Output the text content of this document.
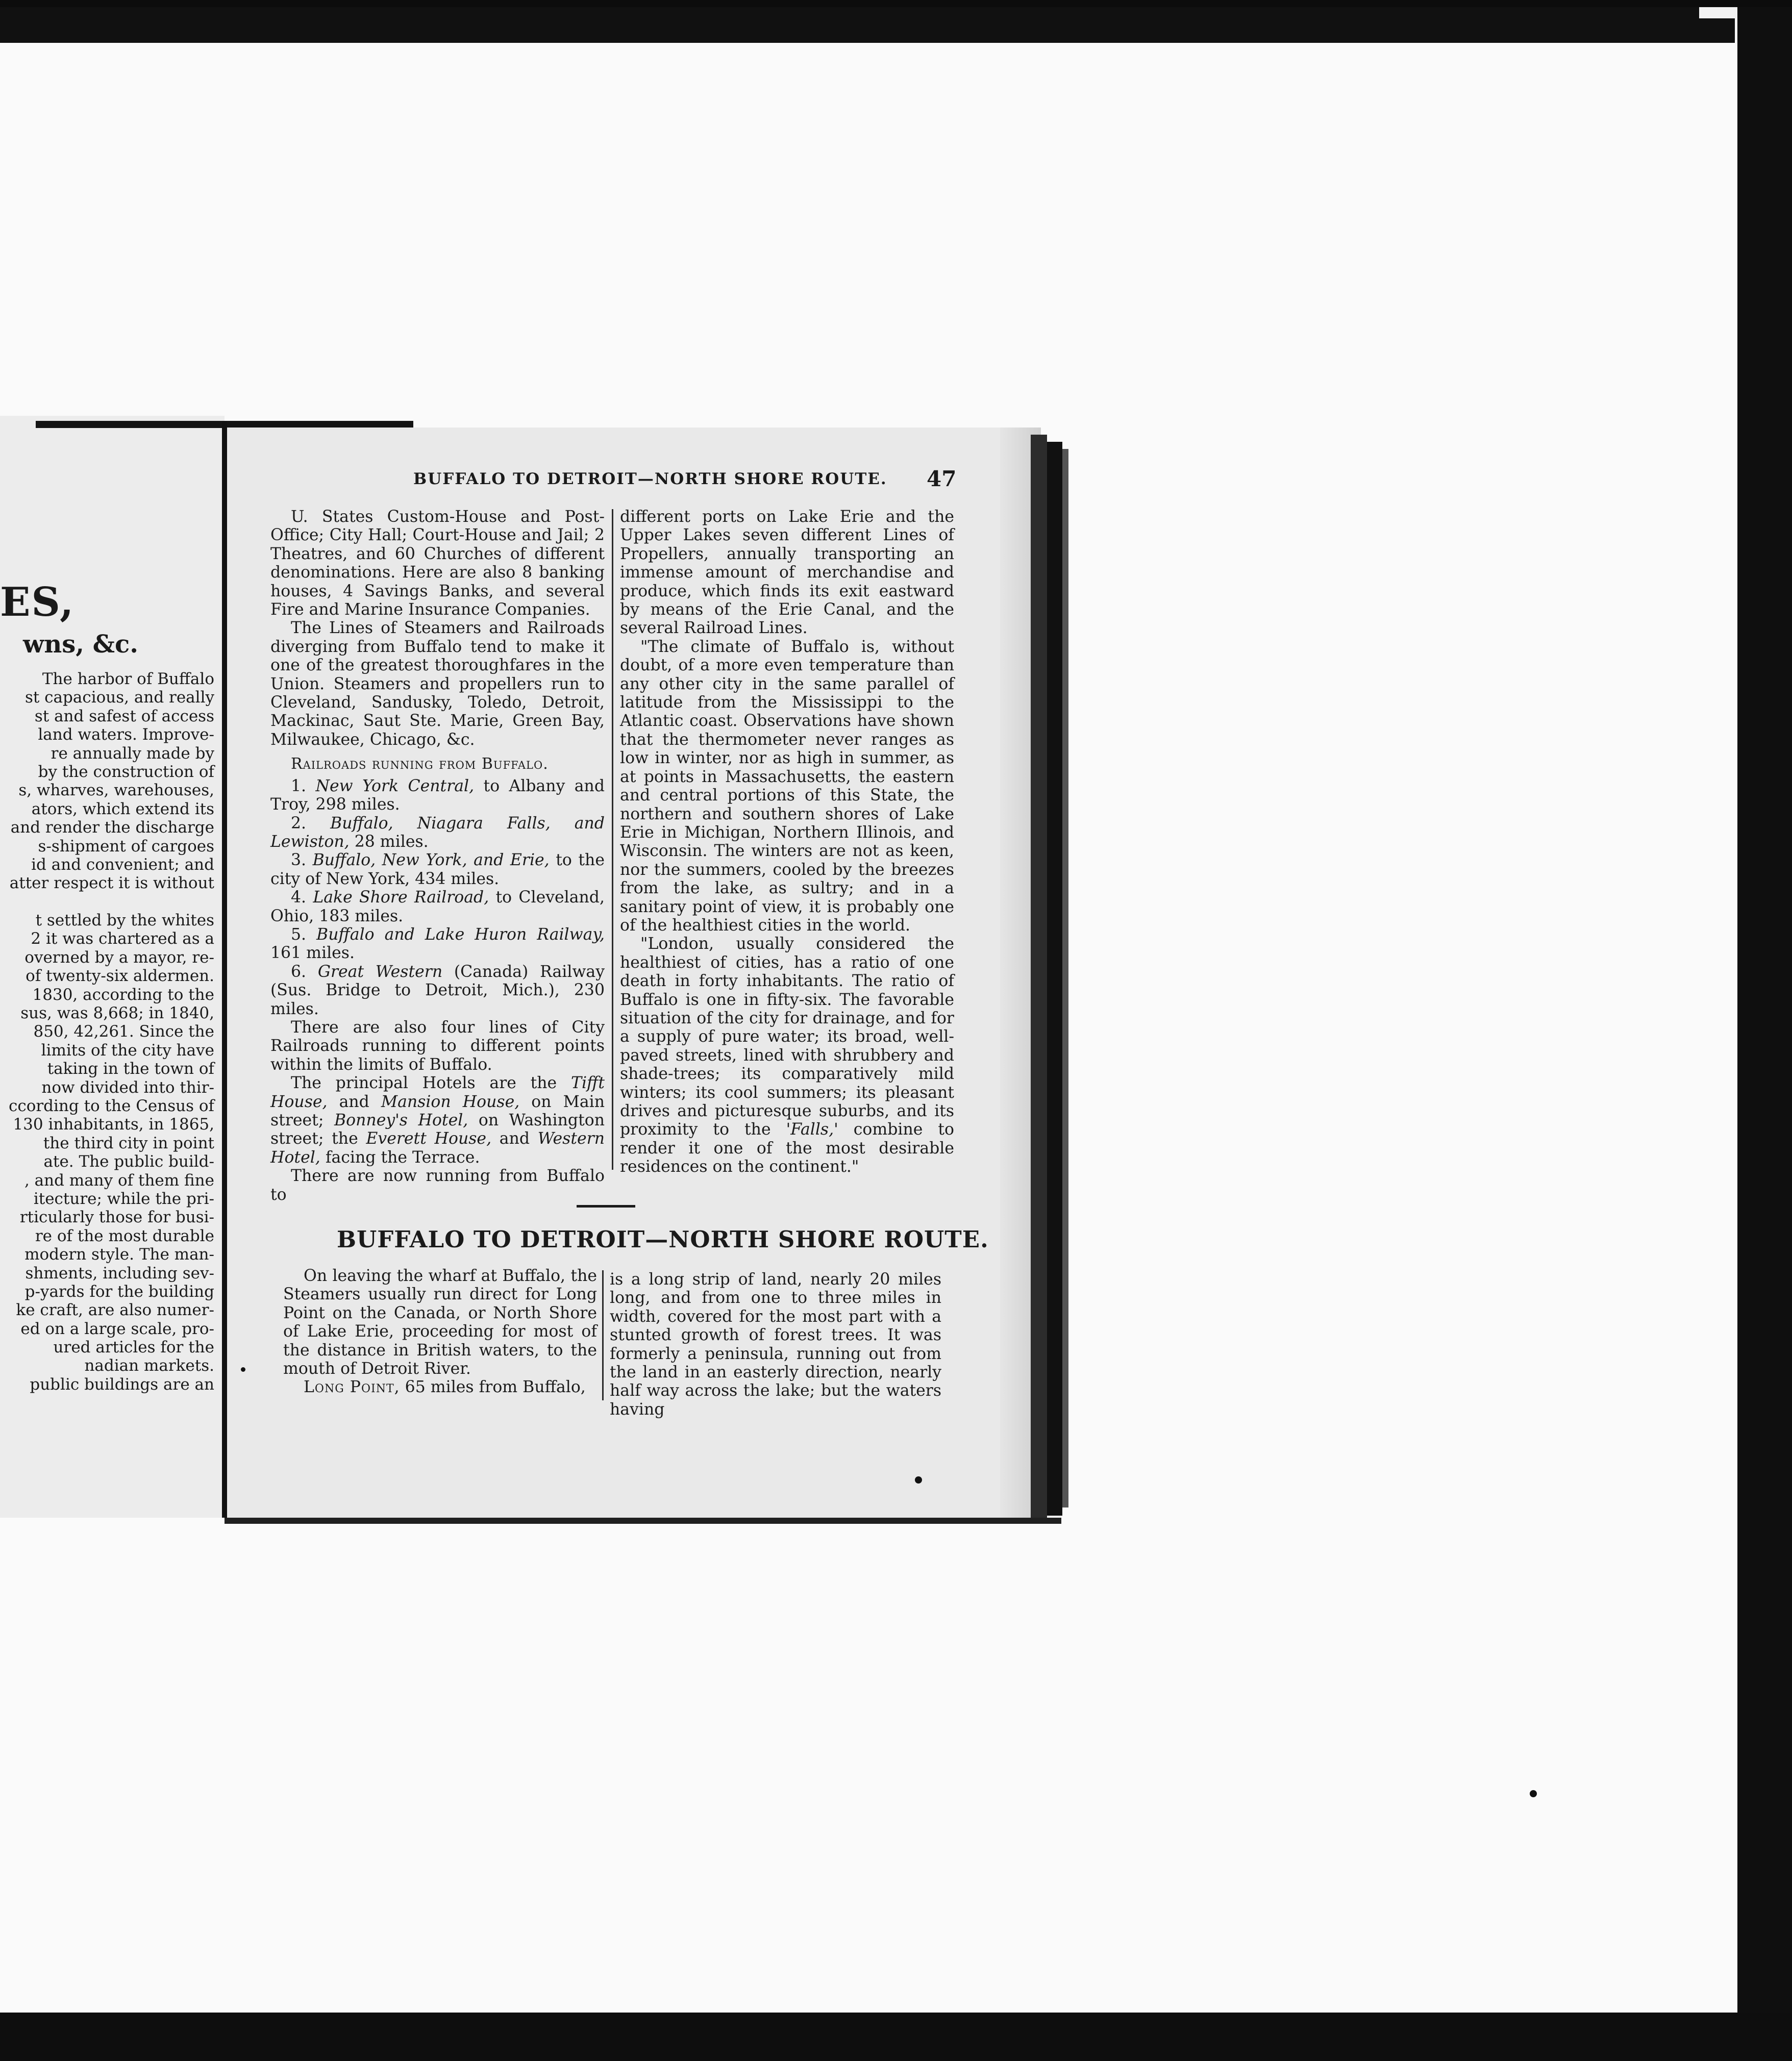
ES,
wns, &c.
The harbor of Buffalo
st capacious, and really
st and safest of access
land waters. Improve-
re annually made by
by the construction of
s, wharves, warehouses,
ators, which extend its
and render the discharge
s-shipment of cargoes
id and convenient; and
atter respect it is without

t settled by the whites
2 it was chartered as a
overned by a mayor, re-
of twenty-six aldermen.
1830, according to the
sus, was 8,668; in 1840,
850, 42,261. Since the
limits of the city have
taking in the town of
now divided into thir-
ccording to the Census of
130 inhabitants, in 1865,
the third city in point
ate. The public build-
, and many of them fine
itecture; while the pri-
rticularly those for busi-
re of the most durable
modern style. The man-
shments, including sev-
p-yards for the building
ke craft, are also numer-
ed on a large scale, pro-
ured articles for the
nadian markets.
public buildings are an
BUFFALO TO DETROIT—NORTH SHORE ROUTE. 47

U. States Custom-House and Post-Office; City Hall; Court-House and Jail; 2 Theatres, and 60 Churches of different denominations. Here are also 8 banking houses, 4 Savings Banks, and several Fire and Marine Insurance Companies.

The Lines of Steamers and Railroads diverging from Buffalo tend to make it one of the greatest thoroughfares in the Union. Steamers and propellers run to Cleveland, Sandusky, Toledo, Detroit, Mackinac, Saut Ste. Marie, Green Bay, Milwaukee, Chicago, &c.

Railroads running from Buffalo.

1. New York Central, to Albany and Troy, 298 miles.

2. Buffalo, Niagara Falls, and Lewiston, 28 miles.

3. Buffalo, New York, and Erie, to the city of New York, 434 miles.

4. Lake Shore Railroad, to Cleveland, Ohio, 183 miles.

5. Buffalo and Lake Huron Railway, 161 miles.

6. Great Western (Canada) Railway (Sus. Bridge to Detroit, Mich.), 230 miles.

There are also four lines of City Railroads running to different points within the limits of Buffalo.

The principal Hotels are the Tifft House, and Mansion House, on Main street; Bonney's Hotel, on Washington street; the Everett House, and Western Hotel, facing the Terrace.

There are now running from Buffalo to

different ports on Lake Erie and the Upper Lakes seven different Lines of Propellers, annually transporting an immense amount of merchandise and produce, which finds its exit eastward by means of the Erie Canal, and the several Railroad Lines.

"The climate of Buffalo is, without doubt, of a more even temperature than any other city in the same parallel of latitude from the Mississippi to the Atlantic coast. Observations have shown that the thermometer never ranges as low in winter, nor as high in summer, as at points in Massachusetts, the eastern and central portions of this State, the northern and southern shores of Lake Erie in Michigan, Northern Illinois, and Wisconsin. The winters are not as keen, nor the summers, cooled by the breezes from the lake, as sultry; and in a sanitary point of view, it is probably one of the healthiest cities in the world.

"London, usually considered the healthiest of cities, has a ratio of one death in forty inhabitants. The ratio of Buffalo is one in fifty-six. The favorable situation of the city for drainage, and for a supply of pure water; its broad, well-paved streets, lined with shrubbery and shade-trees; its comparatively mild winters; its cool summers; its pleasant drives and picturesque suburbs, and its proximity to the 'Falls,' combine to render it one of the most desirable residences on the continent."

BUFFALO TO DETROIT—NORTH SHORE ROUTE.

On leaving the wharf at Buffalo, the Steamers usually run direct for Long Point on the Canada, or North Shore of Lake Erie, proceeding for most of the distance in British waters, to the mouth of Detroit River.

Long Point, 65 miles from Buffalo,

is a long strip of land, nearly 20 miles long, and from one to three miles in width, covered for the most part with a stunted growth of forest trees. It was formerly a peninsula, running out from the land in an easterly direction, nearly half way across the lake; but the waters having
